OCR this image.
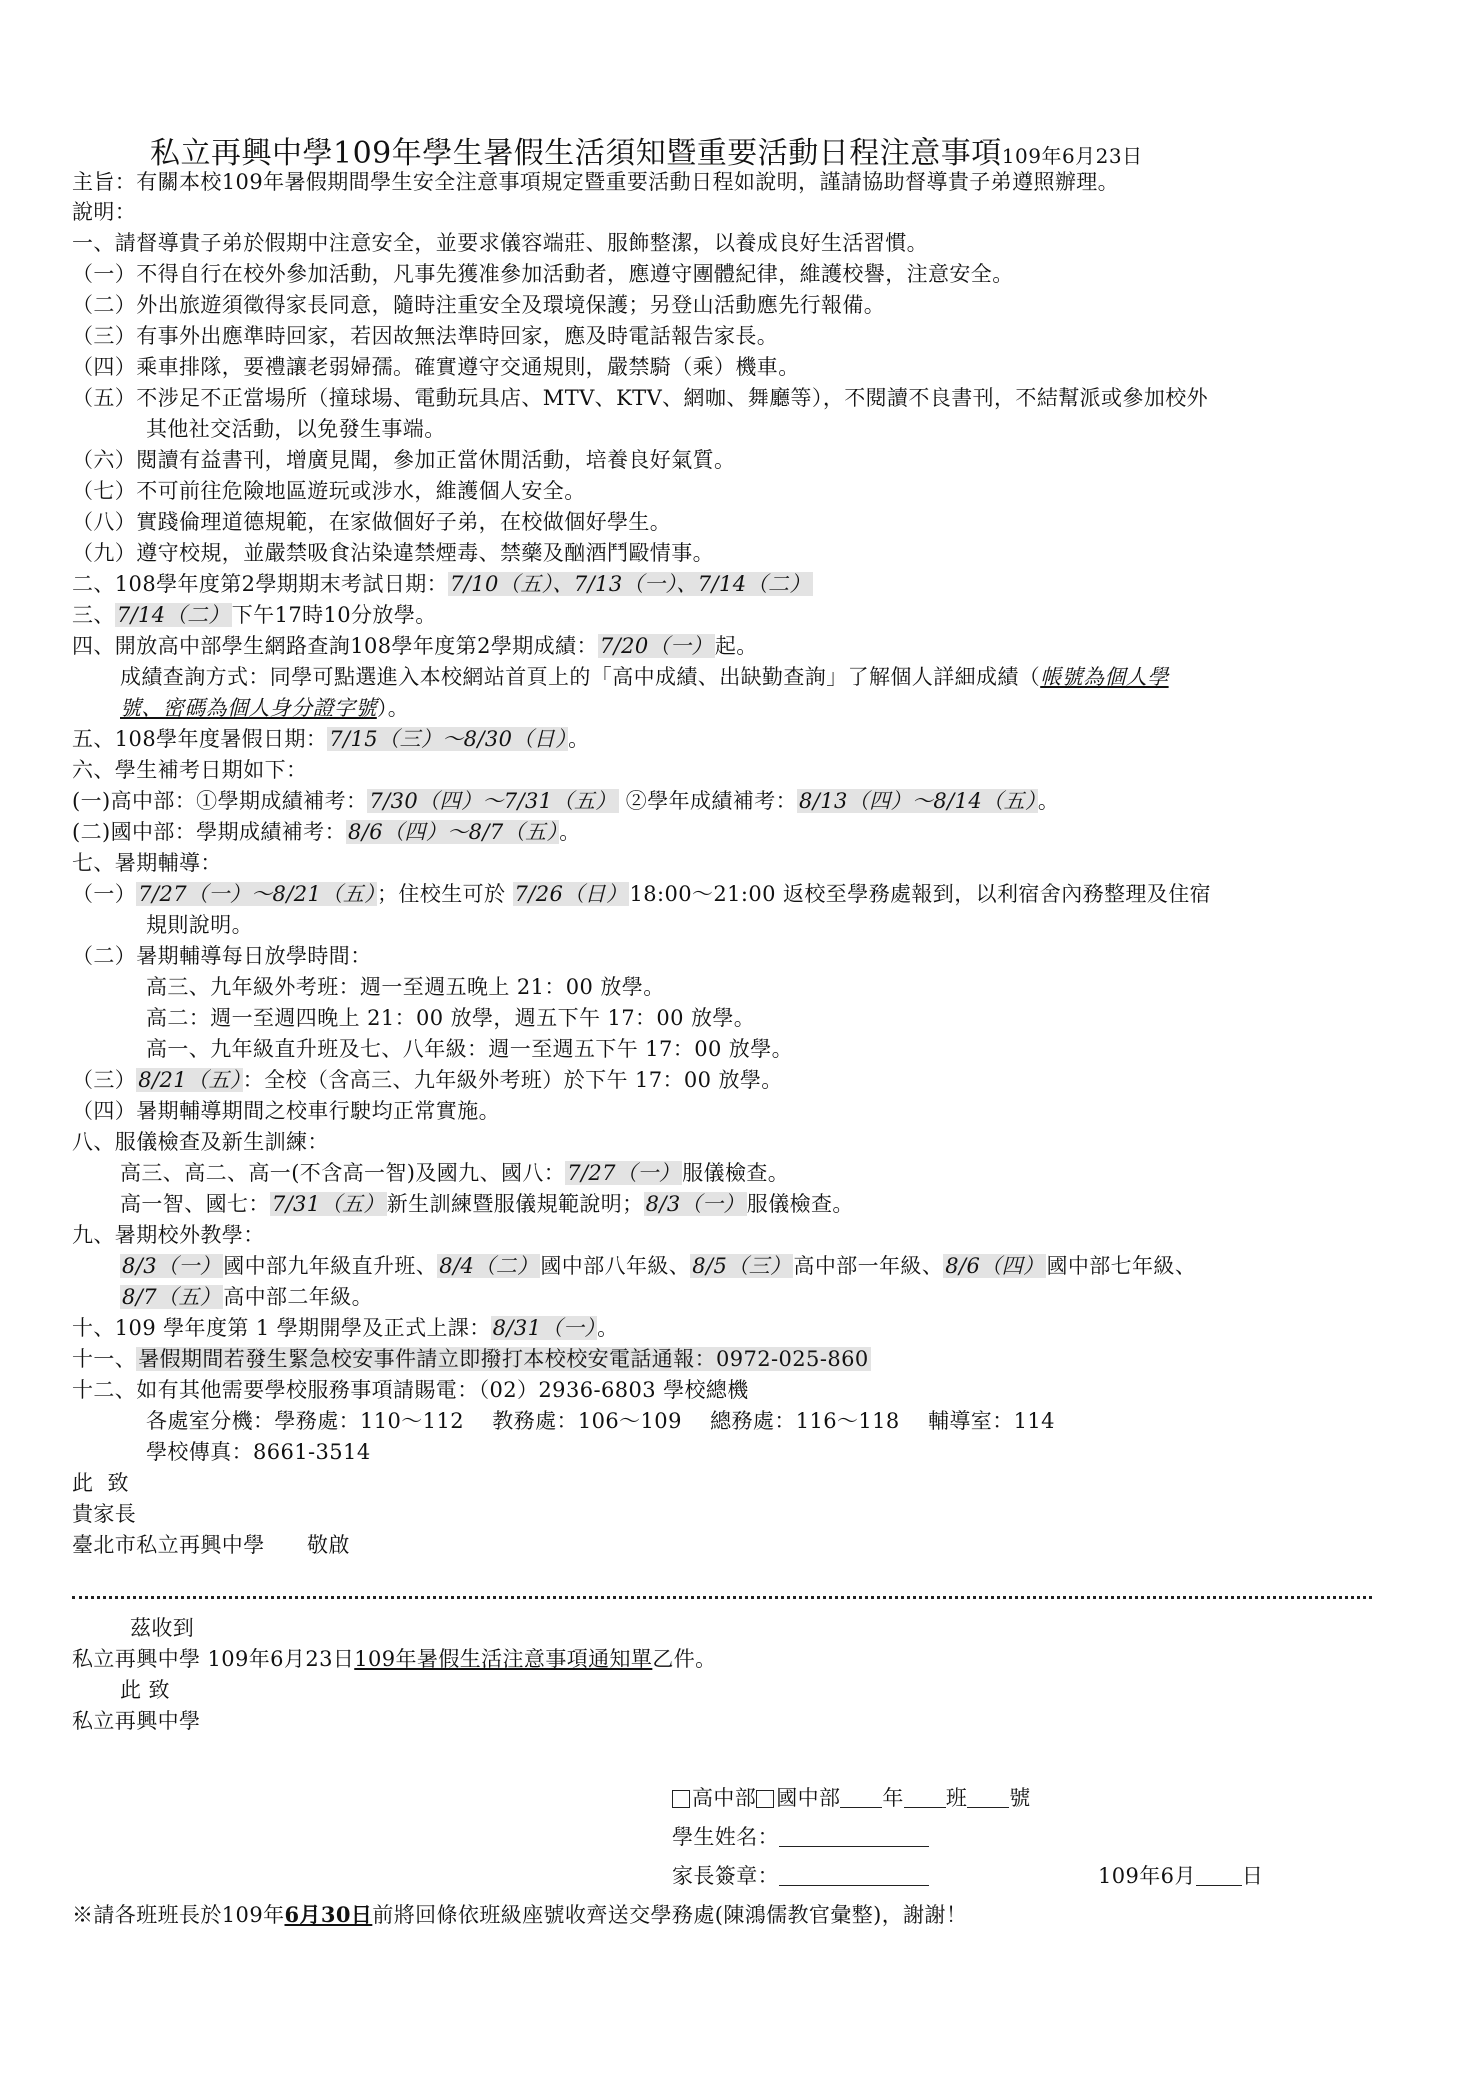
私立再興中學109年學生暑假生活須知暨重要活動日程注意事項109年6月23日
主旨：有關本校109年暑假期間學生安全注意事項規定暨重要活動日程如說明，謹請協助督導貴子弟遵照辦理。
說明：
一、請督導貴子弟於假期中注意安全，並要求儀容端莊、服飾整潔，以養成良好生活習慣。
（一）不得自行在校外參加活動，凡事先獲准參加活動者，應遵守團體紀律，維護校譽，注意安全。
（二）外出旅遊須徵得家長同意，隨時注重安全及環境保護；另登山活動應先行報備。
（三）有事外出應準時回家，若因故無法準時回家，應及時電話報告家長。
（四）乘車排隊，要禮讓老弱婦孺。確實遵守交通規則，嚴禁騎（乘）機車。
（五）不涉足不正當場所（撞球場、電動玩具店、MTV、KTV、網咖、舞廳等），不閱讀不良書刊，不結幫派或參加校外
其他社交活動，以免發生事端。
（六）閱讀有益書刊，增廣見聞，參加正當休閒活動，培養良好氣質。
（七）不可前往危險地區遊玩或涉水，維護個人安全。
（八）實踐倫理道德規範，在家做個好子弟，在校做個好學生。
（九）遵守校規，並嚴禁吸食沾染違禁煙毒、禁藥及酗酒鬥毆情事。
二、108學年度第2學期期末考試日期：7/10（五）、7/13（一）、7/14（二）
三、7/14（二）下午17時10分放學。
四、開放高中部學生網路查詢108學年度第2學期成績：7/20（一）起。
成績查詢方式：同學可點選進入本校網站首頁上的「高中成績、出缺勤查詢」了解個人詳細成績（帳號為個人學
號、密碼為個人身分證字號）。
五、108學年度暑假日期：7/15（三）～8/30（日）。
六、學生補考日期如下：
(一)高中部：①學期成績補考：7/30（四）～7/31（五） ②學年成績補考：8/13（四）～8/14（五）。
(二)國中部：學期成績補考：8/6（四）～8/7（五）。
七、暑期輔導：
（一）7/27（一）～8/21（五）；住校生可於 7/26（日）18:00～21:00 返校至學務處報到，以利宿舍內務整理及住宿
規則說明。
（二）暑期輔導每日放學時間：
高三、九年級外考班：週一至週五晚上 21：00 放學。
高二：週一至週四晚上 21：00 放學，週五下午 17：00 放學。
高一、九年級直升班及七、八年級：週一至週五下午 17：00 放學。
（三）8/21（五）：全校（含高三、九年級外考班）於下午 17：00 放學。
（四）暑期輔導期間之校車行駛均正常實施。
八、服儀檢查及新生訓練：
高三、高二、高一(不含高一智)及國九、國八：7/27（一）服儀檢查。
高一智、國七：7/31（五）新生訓練暨服儀規範說明；8/3（一）服儀檢查。
九、暑期校外教學：
8/3（一）國中部九年級直升班、8/4（二）國中部八年級、8/5（三）高中部一年級、8/6（四）國中部七年級、
8/7（五）高中部二年級。
十、109 學年度第 1 學期開學及正式上課：8/31（一）。
十一、暑假期間若發生緊急校安事件請立即撥打本校校安電話通報：0972-025-860
十二、如有其他需要學校服務事項請賜電：（02）2936-6803 學校總機
各處室分機：學務處：110～112    教務處：106～109    總務處：116～118    輔導室：114
學校傳真：8661-3514
此  致
貴家長
臺北市私立再興中學      敬啟
茲收到
私立再興中學 109年6月23日109年暑假生活注意事項通知單乙件。
此 致
私立再興中學
高中部 國中部 年 班 號
學生姓名：
家長簽章：	109年6月 日
※請各班班長於109年6月30日前將回條依班級座號收齊送交學務處(陳鴻儒教官彙整)，謝謝！
